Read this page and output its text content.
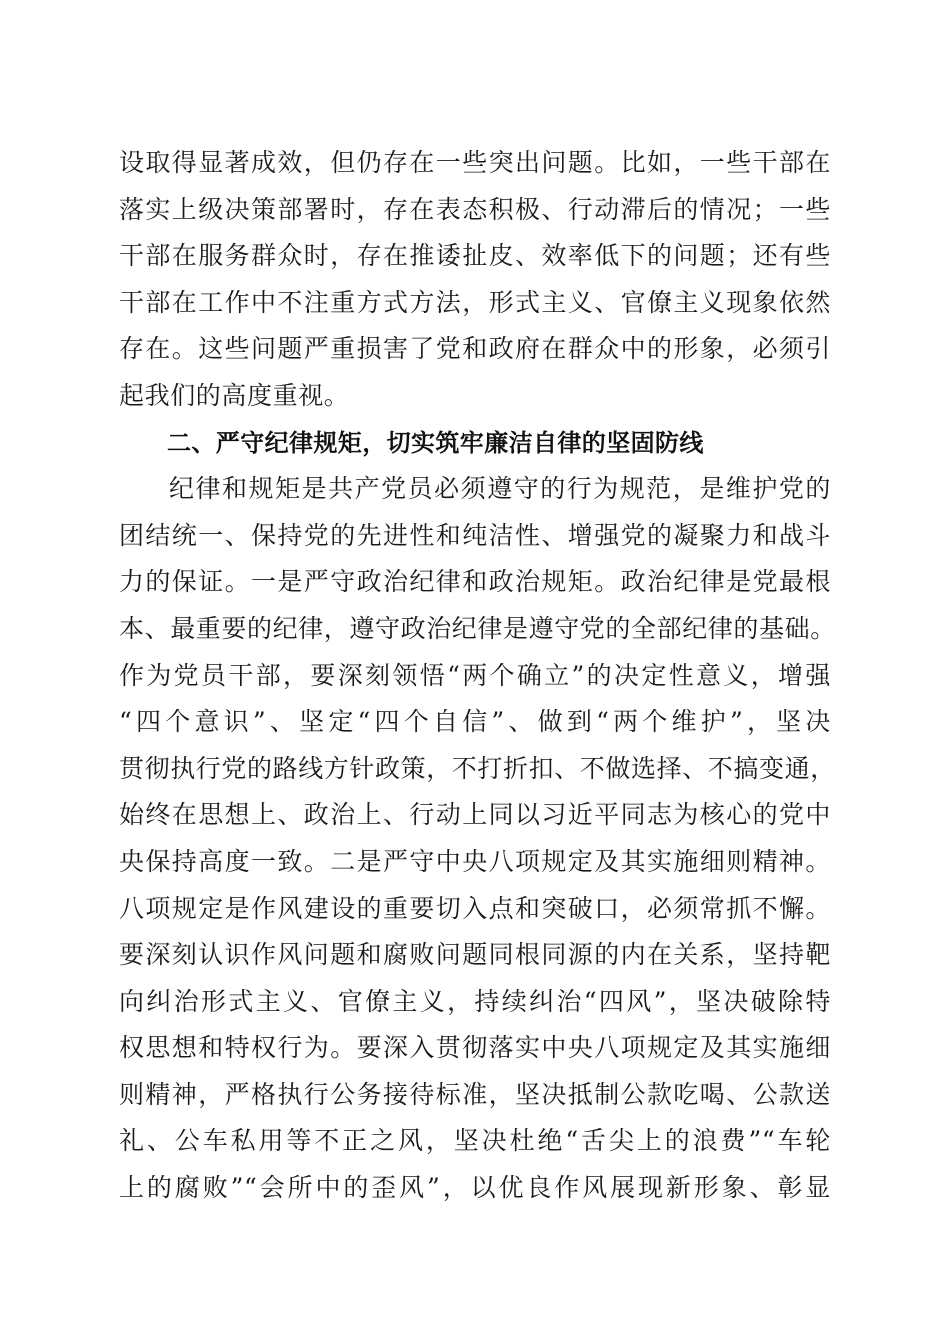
设取得显著成效，但仍存在一些突出问题。比如，一些干部在
落实上级决策部署时，存在表态积极、行动滞后的情况；一些
干部在服务群众时，存在推诿扯皮、效率低下的问题；还有些
干部在工作中不注重方式方法，形式主义、官僚主义现象依然
存在。这些问题严重损害了党和政府在群众中的形象，必须引
起我们的高度重视。
二、严守纪律规矩，切实筑牢廉洁自律的坚固防线
纪律和规矩是共产党员必须遵守的行为规范，是维护党的
团结统一、保持党的先进性和纯洁性、增强党的凝聚力和战斗
力的保证。一是严守政治纪律和政治规矩。政治纪律是党最根
本、最重要的纪律，遵守政治纪律是遵守党的全部纪律的基础。
作为党员干部，要深刻领悟“两个确立”的决定性意义，增强
“四个意识”、坚定“四个自信”、做到“两个维护”，坚决
贯彻执行党的路线方针政策，不打折扣、不做选择、不搞变通，
始终在思想上、政治上、行动上同以习近平同志为核心的党中
央保持高度一致。二是严守中央八项规定及其实施细则精神。
八项规定是作风建设的重要切入点和突破口，必须常抓不懈。
要深刻认识作风问题和腐败问题同根同源的内在关系，坚持靶
向纠治形式主义、官僚主义，持续纠治“四风”，坚决破除特
权思想和特权行为。要深入贯彻落实中央八项规定及其实施细
则精神，严格执行公务接待标准，坚决抵制公款吃喝、公款送
礼、公车私用等不正之风，坚决杜绝“舌尖上的浪费”“车轮
上的腐败”“会所中的歪风”，以优良作风展现新形象、彰显
